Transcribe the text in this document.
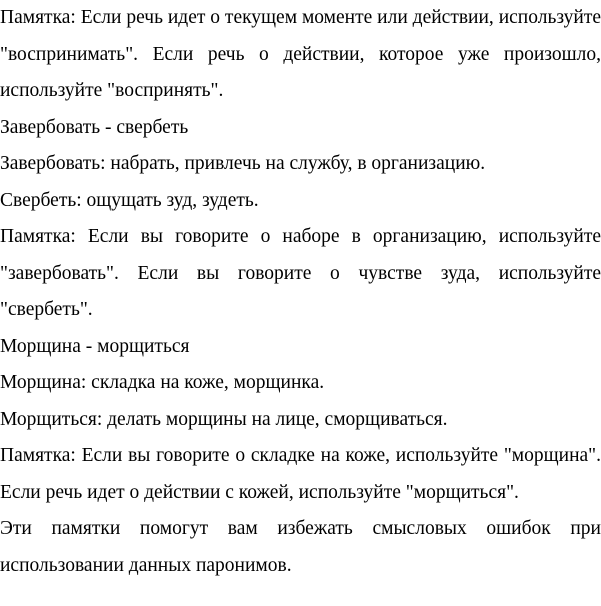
Памятка: Если речь идет о текущем моменте или действии, используйте "воспринимать". Если речь о действии, которое уже произошло, используйте "воспринять".

Завербовать - свербеть

Завербовать: набрать, привлечь на службу, в организацию.

Свербеть: ощущать зуд, зудеть.

Памятка: Если вы говорите о наборе в организацию, используйте "завербовать". Если вы говорите о чувстве зуда, используйте "свербеть".

Морщина - морщиться

Морщина: складка на коже, морщинка.

Морщиться: делать морщины на лице, сморщиваться.

Памятка: Если вы говорите о складке на коже, используйте "морщина". Если речь идет о действии с кожей, используйте "морщиться".

Эти памятки помогут вам избежать смысловых ошибок при использовании данных паронимов.
